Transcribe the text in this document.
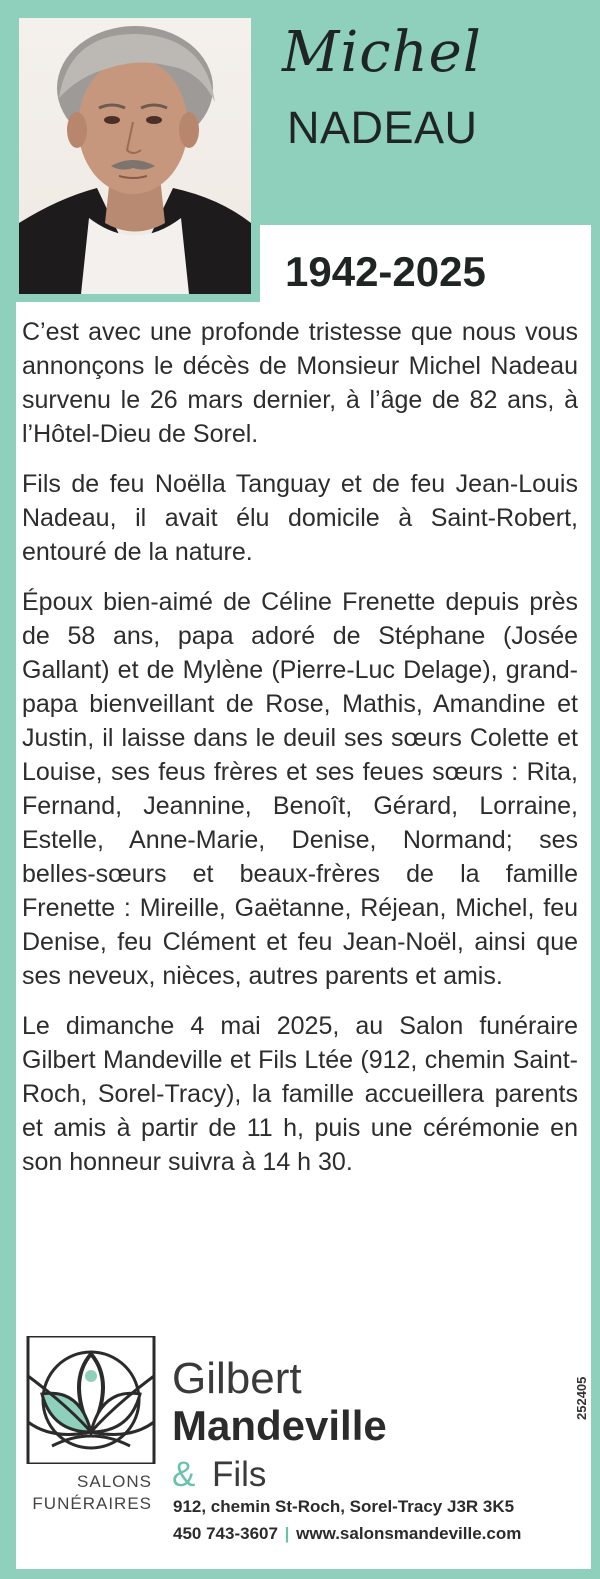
Michel
NADEAU
1942-2025

C’est avec une profonde tristesse que nous vous annonçons le décès de Monsieur Michel Nadeau survenu le 26 mars dernier, à l’âge de 82 ans, à l’Hôtel-Dieu de Sorel.

Fils de feu Noëlla Tanguay et de feu Jean-Louis Nadeau, il avait élu domicile à Saint-Robert, entouré de la nature.

Époux bien-aimé de Céline Frenette depuis près de 58 ans, papa adoré de Stéphane (Josée Gallant) et de Mylène (Pierre-Luc Delage), grand-papa bienveillant de Rose, Mathis, Amandine et Justin, il laisse dans le deuil ses sœurs Colette et Louise, ses feus frères et ses feues sœurs : Rita, Fernand, Jeannine, Benoît, Gérard, Lorraine, Estelle, Anne-Marie, Denise, Normand; ses belles-sœurs et beaux-frères de la famille Frenette : Mireille, Gaëtanne, Réjean, Michel, feu Denise, feu Clément et feu Jean-Noël, ainsi que ses neveux, nièces, autres parents et amis.

Le dimanche 4 mai 2025, au Salon funéraire Gilbert Mandeville et Fils Ltée (912, chemin Saint-Roch, Sorel-Tracy), la famille accueillera parents et amis à partir de 11 h, puis une cérémonie en son honneur suivra à 14 h 30.

SALONS
FUNÉRAIRES
Gilbert
Mandeville
& Fils
912, chemin St-Roch, Sorel-Tracy J3R 3K5
450 743-3607 | www.salonsmandeville.com
252405
